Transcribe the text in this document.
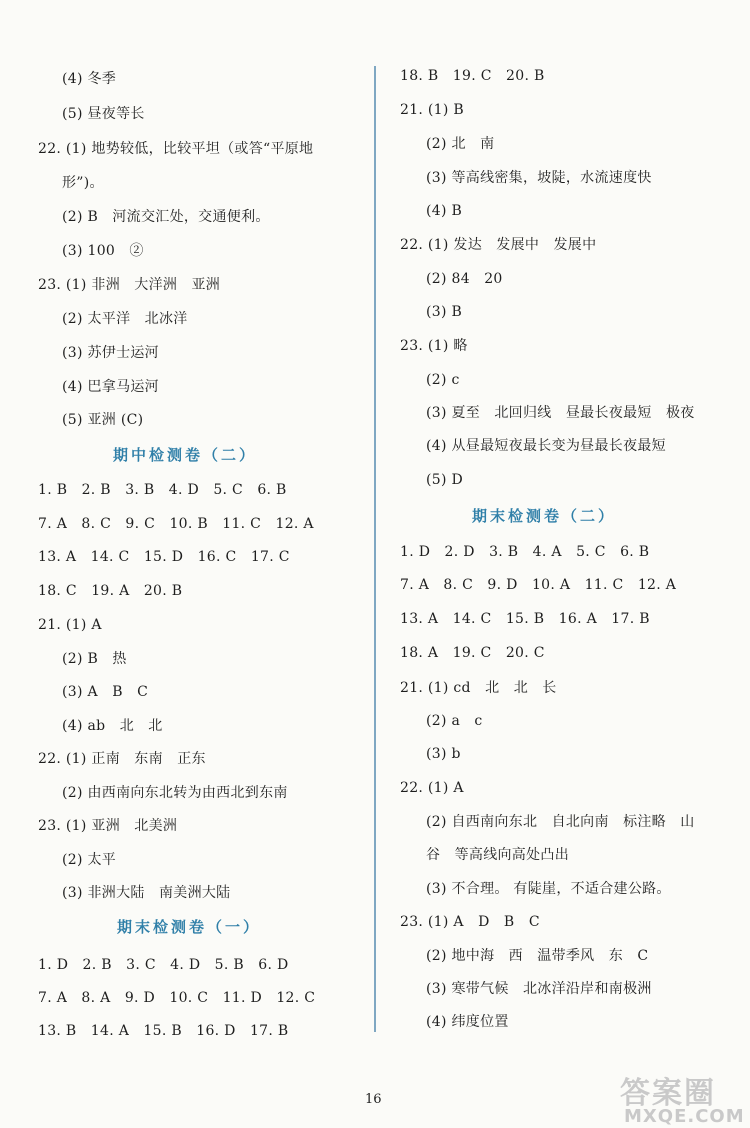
(4) 冬季
(5) 昼夜等长
22. (1) 地势较低，比较平坦（或答“平原地
形”)。
(2) B　河流交汇处，交通便利。
(3) 100　②
23. (1) 非洲　大洋洲　亚洲
(2) 太平洋　北冰洋
(3) 苏伊士运河
(4) 巴拿马运河
(5) 亚洲 (C)
期中检测卷（二）
1. B　2. B　3. B　4. D　5. C　6. B
7. A　8. C　9. C　10. B　11. C　12. A
13. A　14. C　15. D　16. C　17. C
18. C　19. A　20. B
21. (1) A
(2) B　热
(3) A　B　C
(4) ab　北　北
22. (1) 正南　东南　正东
(2) 由西南向东北转为由西北到东南
23. (1) 亚洲　北美洲
(2) 太平
(3) 非洲大陆　南美洲大陆
期末检测卷（一）
1. D　2. B　3. C　4. D　5. B　6. D
7. A　8. A　9. D　10. C　11. D　12. C
13. B　14. A　15. B　16. D　17. B
18. B　19. C　20. B
21. (1) B
(2) 北　南
(3) 等高线密集，坡陡，水流速度快
(4) B
22. (1) 发达　发展中　发展中
(2) 84　20
(3) B
23. (1) 略
(2) c
(3) 夏至　北回归线　昼最长夜最短　极夜
(4) 从昼最短夜最长变为昼最长夜最短
(5) D
期末检测卷（二）
1. D　2. D　3. B　4. A　5. C　6. B
7. A　8. C　9. D　10. A　11. C　12. A
13. A　14. C　15. B　16. A　17. B
18. A　19. C　20. C
21. (1) cd　北　北　长
(2) a　c
(3) b
22. (1) A
(2) 自西南向东北　自北向南　标注略　山
谷　等高线向高处凸出
(3) 不合理。 有陡崖，不适合建公路。
23. (1) A　D　B　C
(2) 地中海　西　温带季风　东　C
(3) 寒带气候　北冰洋沿岸和南极洲
(4) 纬度位置
16	答案圈
MXQE.COM
